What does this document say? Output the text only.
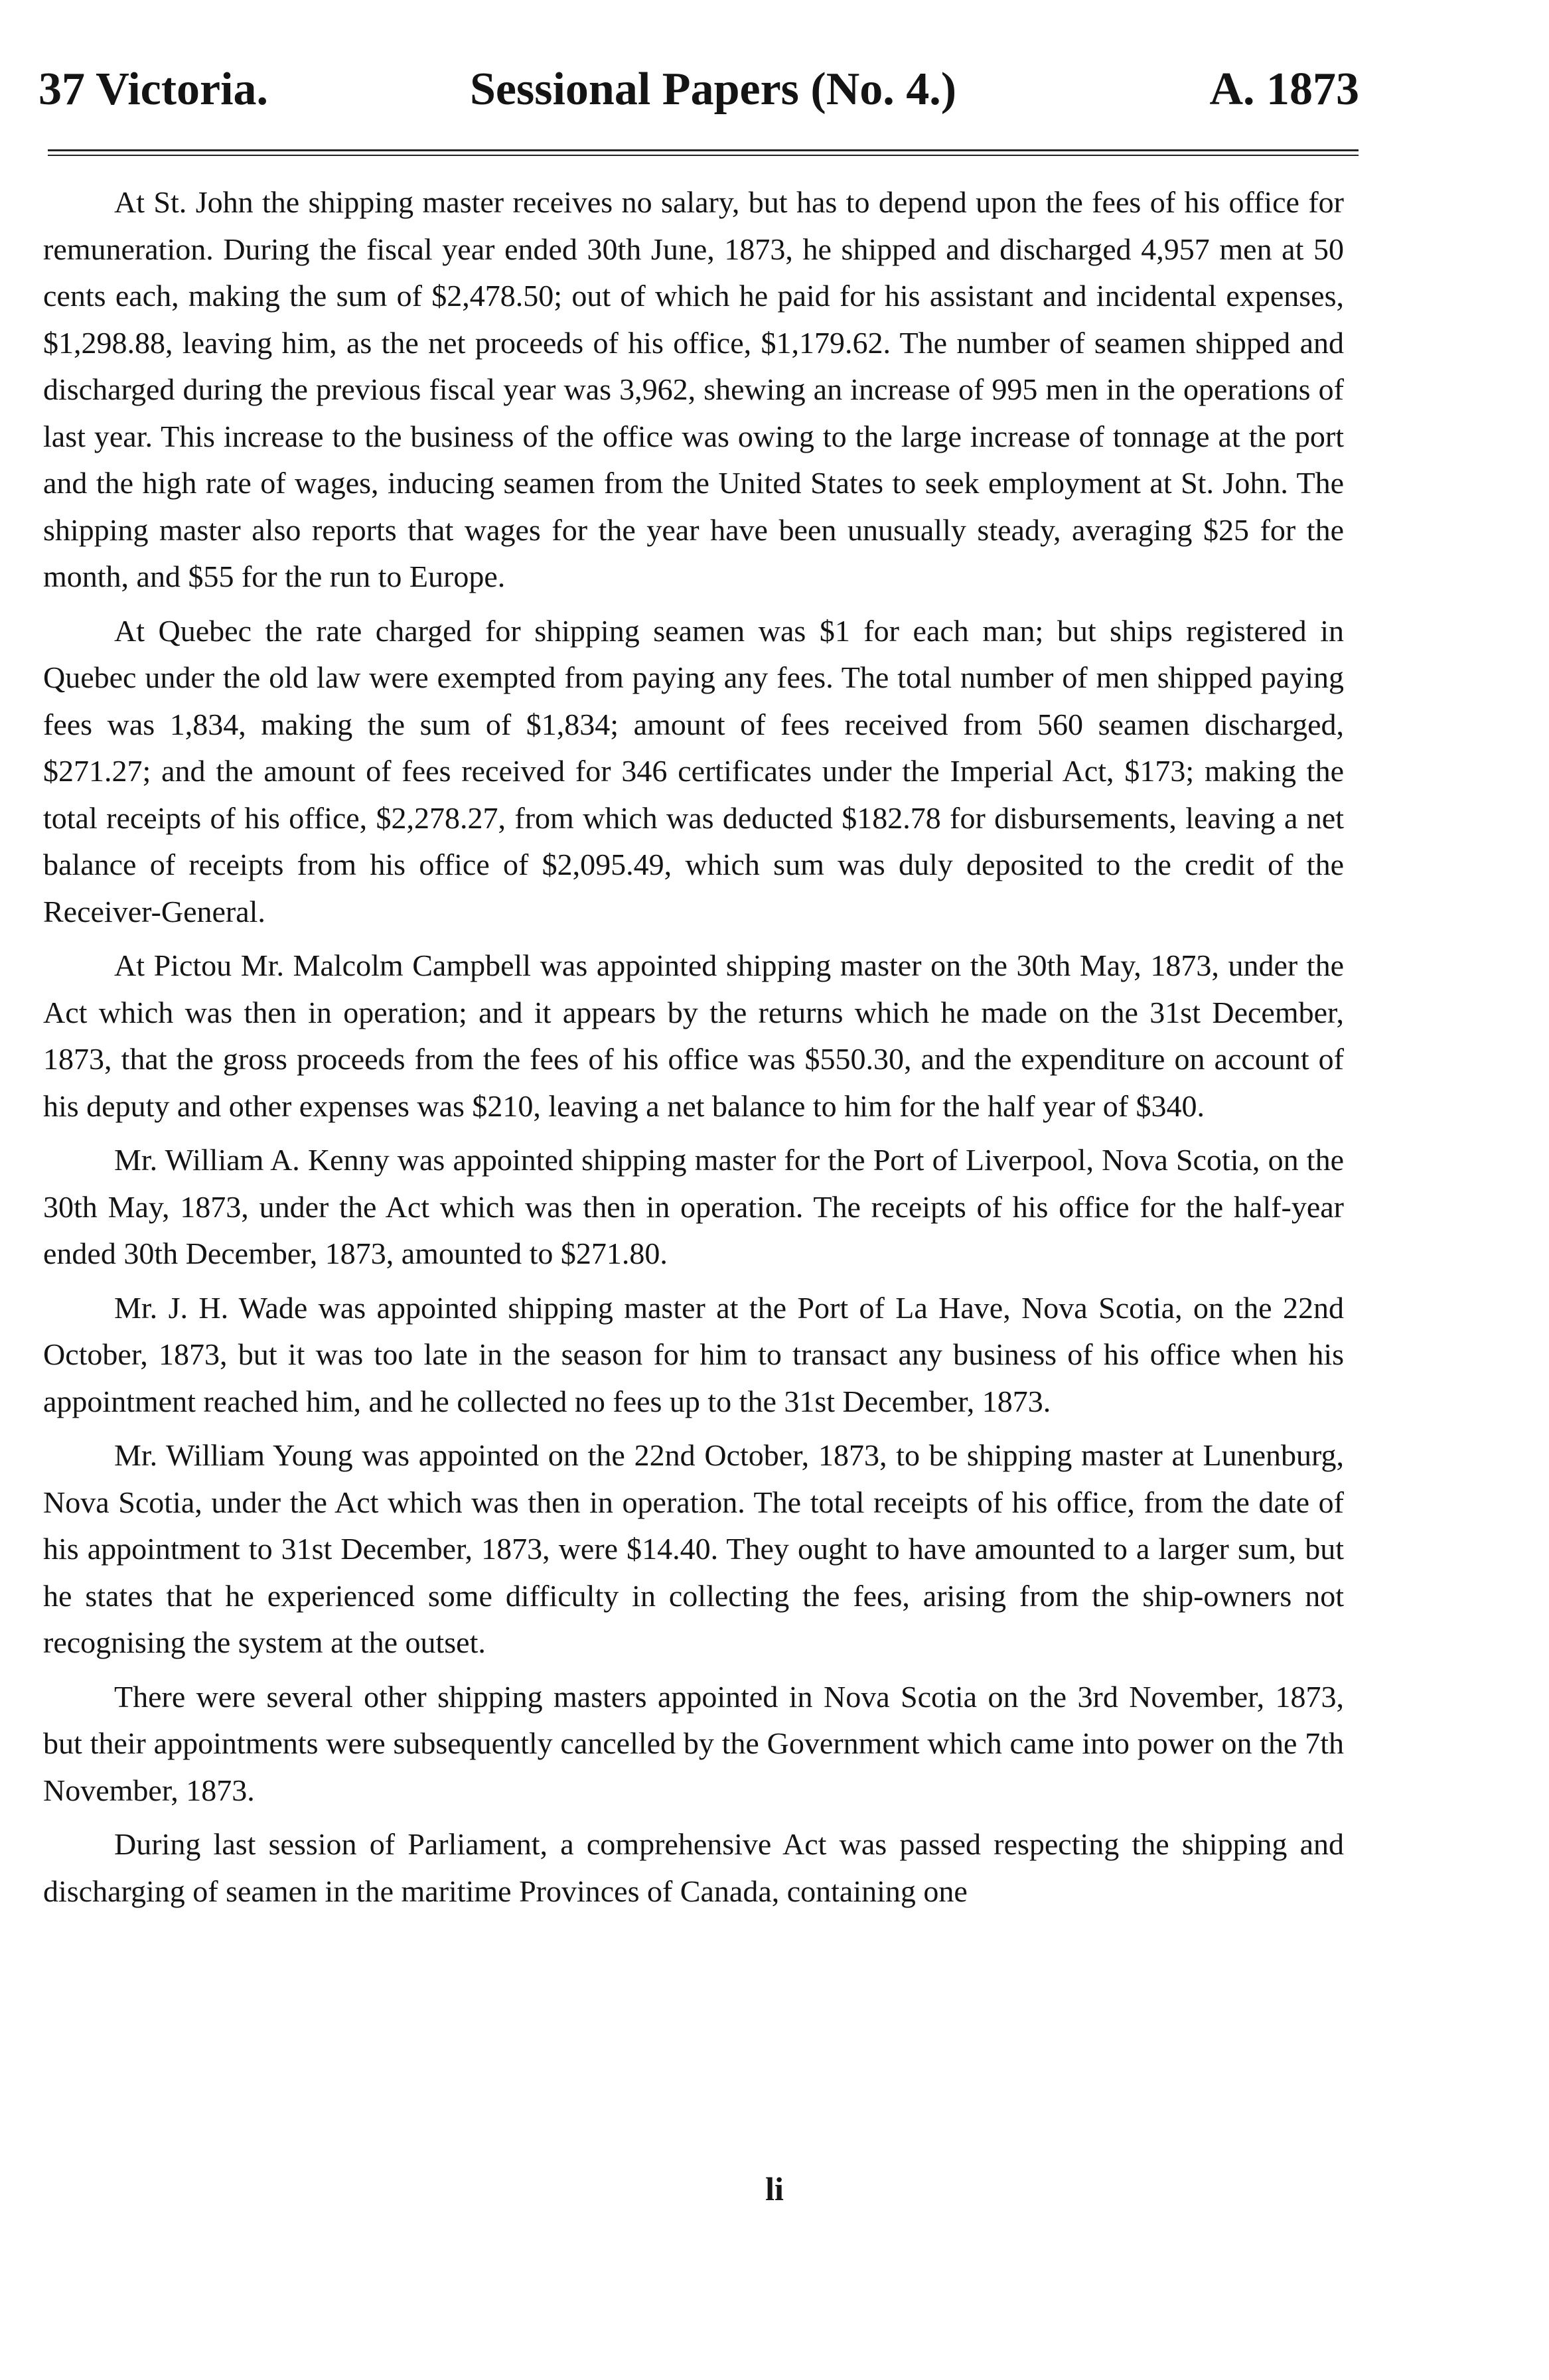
37 Victoria.	Sessional Papers (No. 4.)	A. 1873

At St. John the shipping master receives no salary, but has to depend upon the fees of his office for remuneration. During the fiscal year ended 30th June, 1873, he shipped and discharged 4,957 men at 50 cents each, making the sum of $2,478.50; out of which he paid for his assistant and incidental expenses, $1,298.88, leaving him, as the net proceeds of his office, $1,179.62. The number of seamen shipped and discharged during the previous fiscal year was 3,962, shewing an increase of 995 men in the operations of last year. This increase to the business of the office was owing to the large increase of tonnage at the port and the high rate of wages, inducing seamen from the United States to seek employment at St. John. The shipping master also reports that wages for the year have been unusually steady, averaging $25 for the month, and $55 for the run to Europe.

At Quebec the rate charged for shipping seamen was $1 for each man; but ships registered in Quebec under the old law were exempted from paying any fees. The total number of men shipped paying fees was 1,834, making the sum of $1,834; amount of fees received from 560 seamen discharged, $271.27; and the amount of fees received for 346 certificates under the Imperial Act, $173; making the total receipts of his office, $2,278.27, from which was deducted $182.78 for disbursements, leaving a net balance of receipts from his office of $2,095.49, which sum was duly deposited to the credit of the Receiver-General.

At Pictou Mr. Malcolm Campbell was appointed shipping master on the 30th May, 1873, under the Act which was then in operation; and it appears by the returns which he made on the 31st December, 1873, that the gross proceeds from the fees of his office was $550.30, and the expenditure on account of his deputy and other expenses was $210, leaving a net balance to him for the half year of $340.

Mr. William A. Kenny was appointed shipping master for the Port of Liverpool, Nova Scotia, on the 30th May, 1873, under the Act which was then in operation. The receipts of his office for the half-year ended 30th December, 1873, amounted to $271.80.

Mr. J. H. Wade was appointed shipping master at the Port of La Have, Nova Scotia, on the 22nd October, 1873, but it was too late in the season for him to transact any business of his office when his appointment reached him, and he collected no fees up to the 31st December, 1873.

Mr. William Young was appointed on the 22nd October, 1873, to be shipping master at Lunenburg, Nova Scotia, under the Act which was then in operation. The total receipts of his office, from the date of his appointment to 31st December, 1873, were $14.40. They ought to have amounted to a larger sum, but he states that he experienced some difficulty in collecting the fees, arising from the ship-owners not recognising the system at the outset.

There were several other shipping masters appointed in Nova Scotia on the 3rd November, 1873, but their appointments were subsequently cancelled by the Government which came into power on the 7th November, 1873.

During last session of Parliament, a comprehensive Act was passed respecting the shipping and discharging of seamen in the maritime Provinces of Canada, containing one

li
